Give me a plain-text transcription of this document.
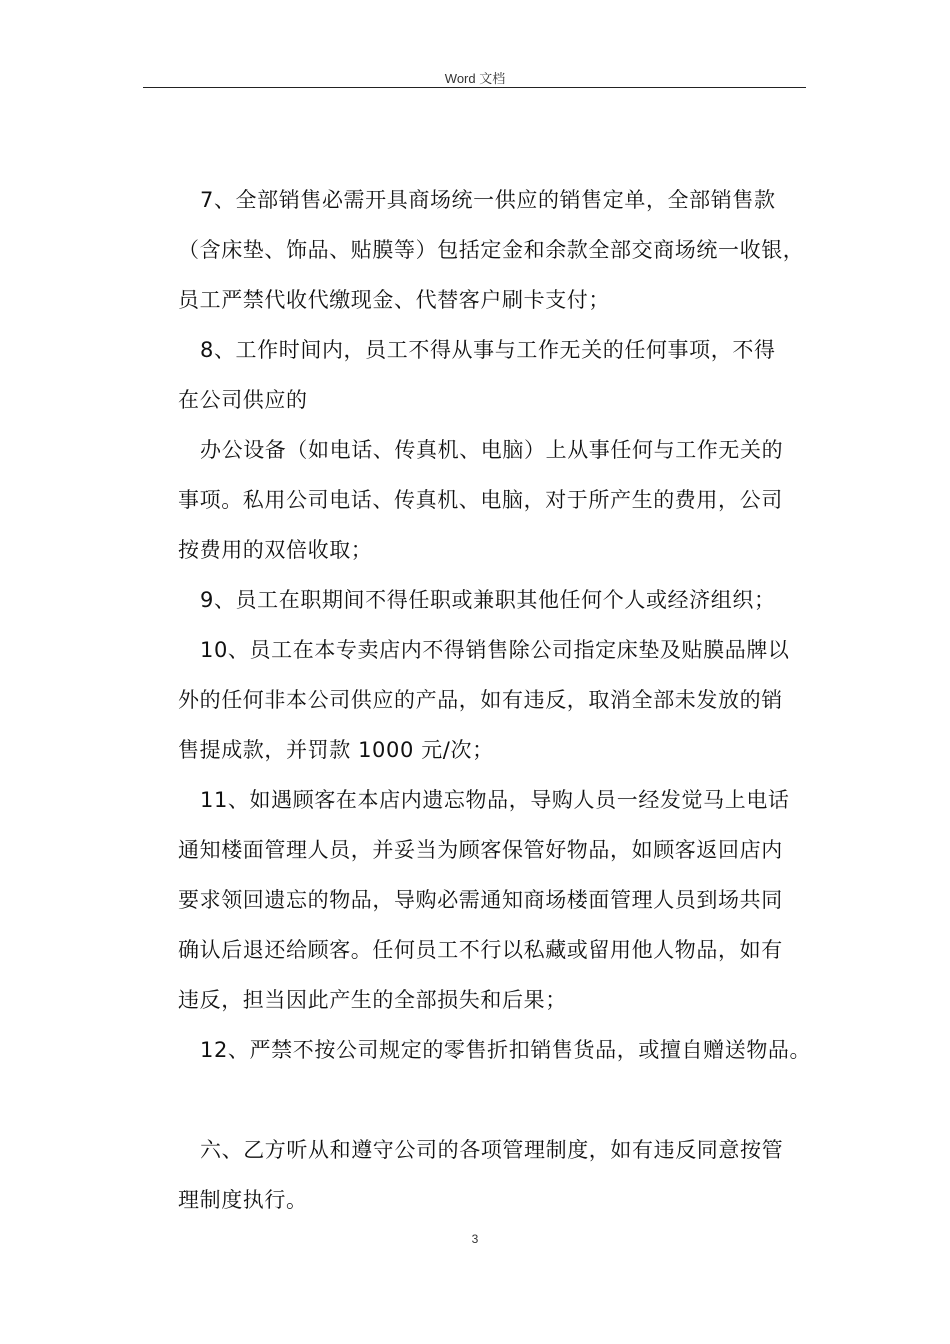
Word 文档
7、全部销售必需开具商场统一供应的销售定单，全部销售款
（含床垫、饰品、贴膜等）包括定金和余款全部交商场统一收银，
员工严禁代收代缴现金、代替客户刷卡支付；
8、工作时间内，员工不得从事与工作无关的任何事项，不得
在公司供应的
办公设备（如电话、传真机、电脑）上从事任何与工作无关的
事项。私用公司电话、传真机、电脑，对于所产生的费用，公司
按费用的双倍收取；
9、员工在职期间不得任职或兼职其他任何个人或经济组织；
10、员工在本专卖店内不得销售除公司指定床垫及贴膜品牌以
外的任何非本公司供应的产品，如有违反，取消全部未发放的销
售提成款，并罚款 1000 元/次；
11、如遇顾客在本店内遗忘物品，导购人员一经发觉马上电话
通知楼面管理人员，并妥当为顾客保管好物品，如顾客返回店内
要求领回遗忘的物品，导购必需通知商场楼面管理人员到场共同
确认后退还给顾客。任何员工不行以私藏或留用他人物品，如有
违反，担当因此产生的全部损失和后果；
12、严禁不按公司规定的零售折扣销售货品，或擅自赠送物品。
六、乙方听从和遵守公司的各项管理制度，如有违反同意按管
理制度执行。
3
